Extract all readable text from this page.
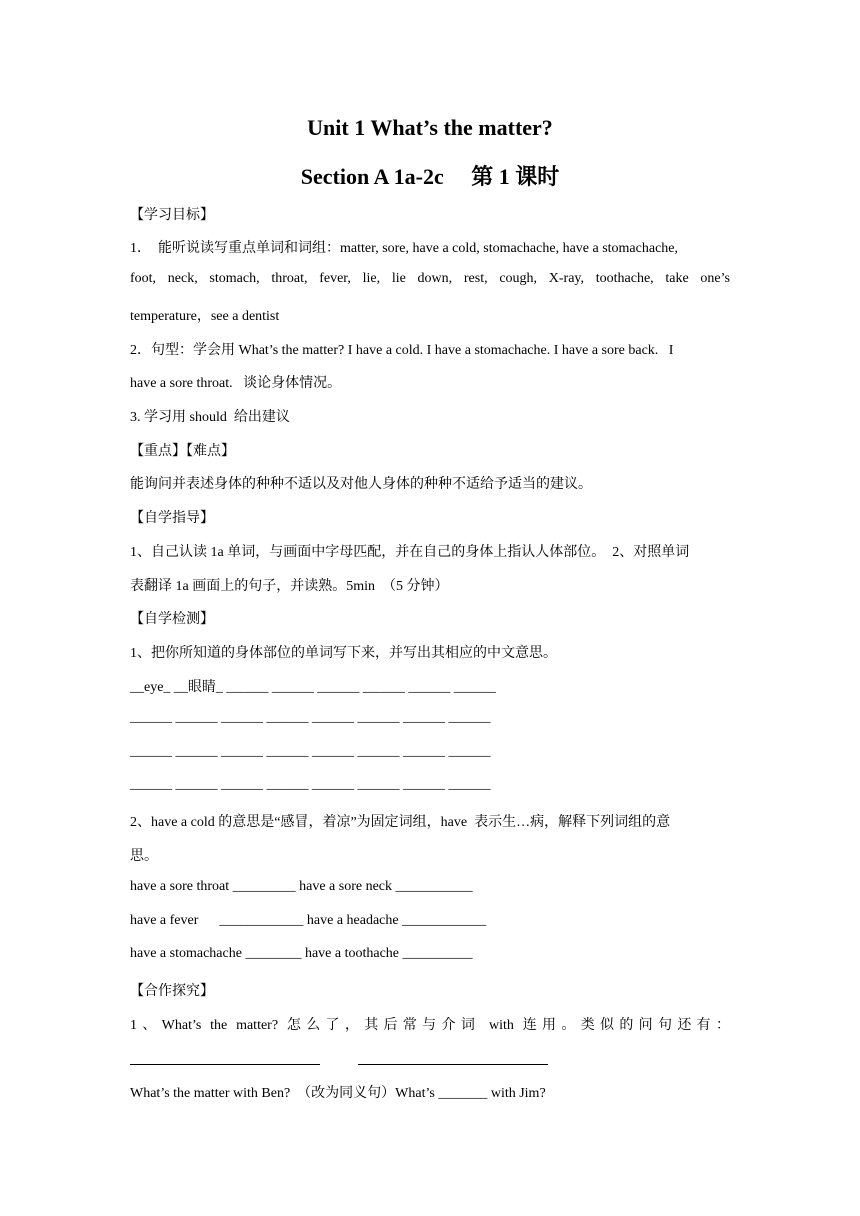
Unit 1 What’s the matter?
Section A 1a-2c     第 1 课时
【学习目标】
1．  能听说读写重点单词和词组：matter, sore, have a cold, stomachache, have a stomachache,
foot, neck, stomach, throat, fever, lie, lie down, rest, cough, X-ray, toothache, take one’s
temperature，see a dentist
2．句型：学会用 What’s the matter? I have a cold. I have a stomachache. I have a sore back.   I
have a sore throat.   谈论身体情况。
3. 学习用 should  给出建议
【重点】【难点】
能询问并表述身体的种种不适以及对他人身体的种种不适给予适当的建议。
【自学指导】
1、自己认读 1a 单词，与画面中字母匹配，并在自己的身体上指认人体部位。  2、对照单词
表翻译 1a 画面上的句子，并读熟。5min  （5 分钟）
【自学检测】
1、把你所知道的身体部位的单词写下来，并写出其相应的中文意思。
__eye_ __眼睛_ ______ ______ ______ ______ ______ ______
______ ______ ______ ______ ______ ______ ______ ______
______ ______ ______ ______ ______ ______ ______ ______
______ ______ ______ ______ ______ ______ ______ ______
2、have a cold 的意思是“感冒，着凉”为固定词组，have  表示生…病，解释下列词组的意
思。
have a sore throat _________ have a sore neck ___________
have a fever      ____________ have a headache ____________
have a stomachache ________ have a toothache __________
【合作探究】
1、What’s the matter? 怎么了，其后常与介词 with 连用。类似的问句还有：
What’s the matter with Ben?  （改为同义句）What’s _______ with Jim?
